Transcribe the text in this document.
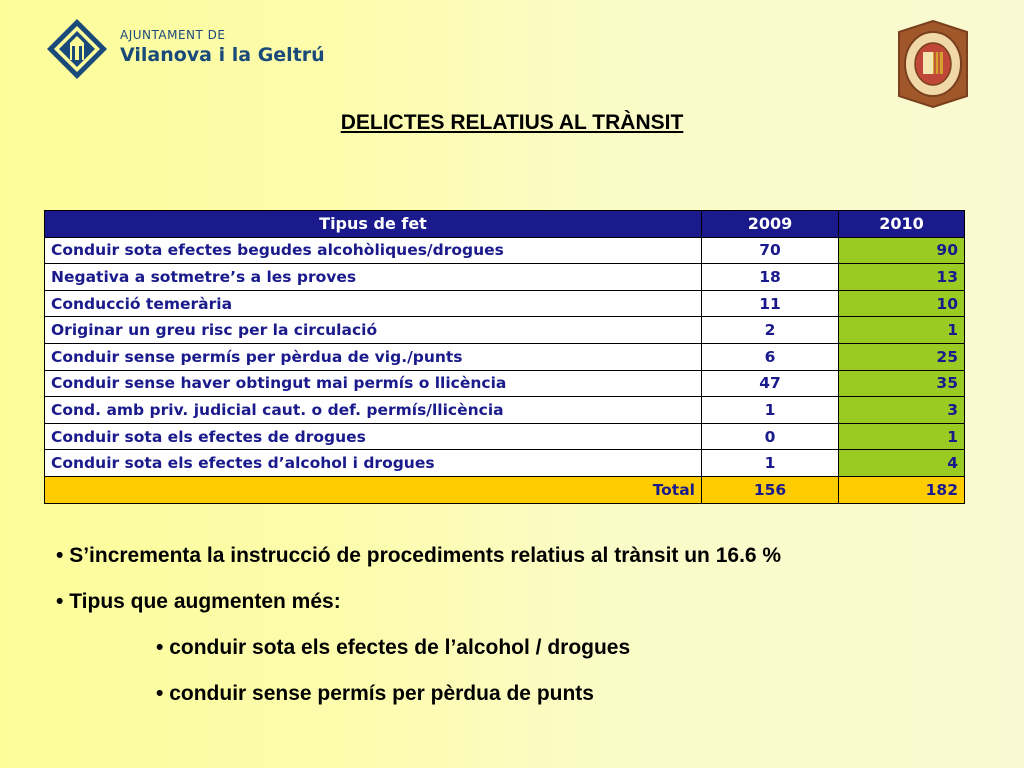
AJUNTAMENT DE
Vilanova i la Geltrú
DELICTES RELATIUS AL TRÀNSIT
Tipus de fet	2009	2010
Conduir sota efectes begudes alcohòliques/drogues	70	90
Negativa a sotmetre’s a les proves	18	13
Conducció temerària	11	10
Originar un greu risc per la circulació	2	1
Conduir sense permís per pèrdua de vig./punts	6	25
Conduir sense haver obtingut mai permís o llicència	47	35
Cond. amb priv. judicial caut. o def. permís/llicència	1	3
Conduir sota els efectes de drogues	0	1
Conduir sota els efectes d’alcohol i drogues	1	4
Total	156	182
• S’incrementa la instrucció de procediments relatius al trànsit un 16.6 %
• Tipus que augmenten més:
• conduir sota els efectes de l’alcohol / drogues
• conduir sense permís per pèrdua de punts
